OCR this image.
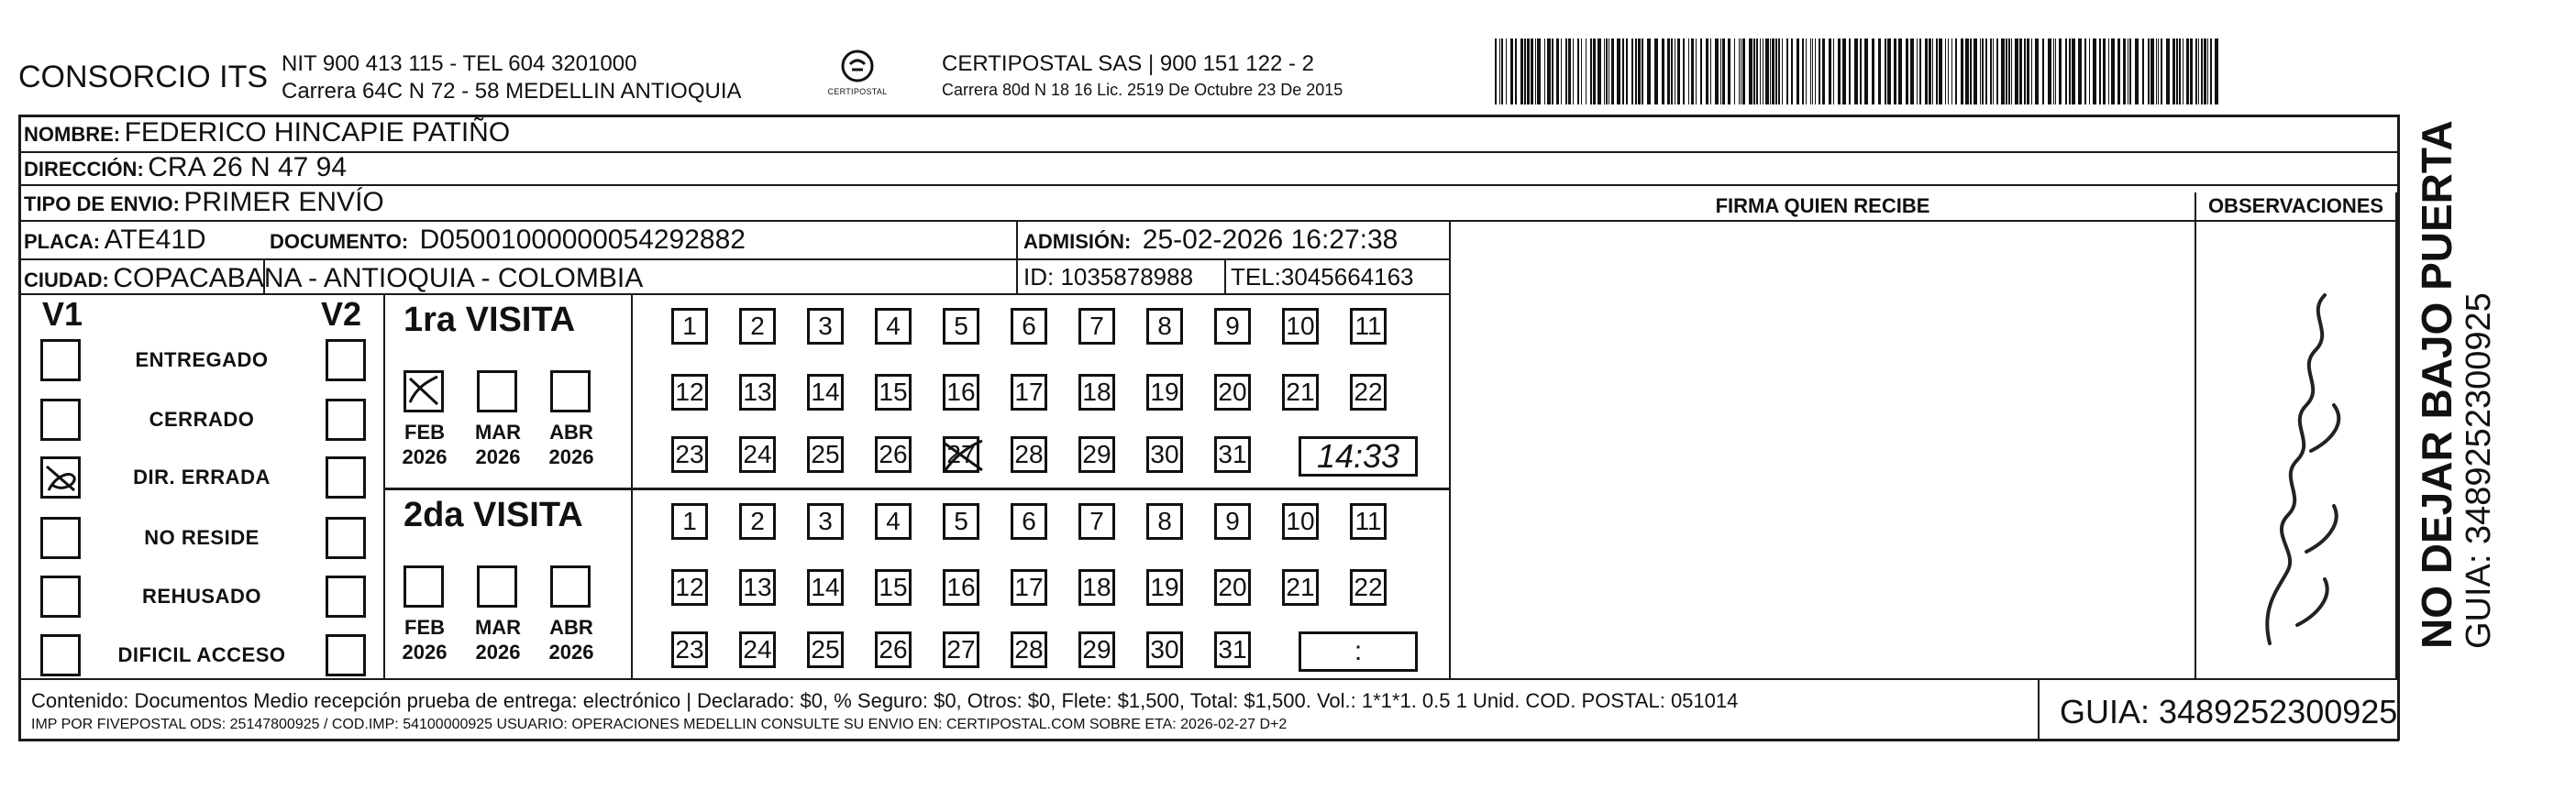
CONSORCIO ITS NIT 900 413 115 - TEL 604 3201000
Carrera 64C N 72 - 58 MEDELLIN ANTIOQUIA	CERTIPOSTAL
CERTIPOSTAL SAS | 900 151 122 - 2
Carrera 80d N 18 16 Lic. 2519 De Octubre 23 De 2015
NOMBRE: FEDERICO HINCAPIE PATIÑO
DIRECCIÓN: CRA 26 N 47 94
TIPO DE ENVIO: PRIMER ENVÍO	FIRMA QUIEN RECIBE	OBSERVACIONES
PLACA: ATE41D	DOCUMENTO: D05001000000054292882	ADMISIÓN: 25-02-2026 16:27:38
CIUDAD: COPACABANA - ANTIOQUIA - COLOMBIA	ID: 1035878988 TEL:3045664163
V1	V2
ENTREGADO
CERRADO
DIR. ERRADA
NO RESIDE
REHUSADO
DIFICIL ACCESO
1ra VISITA
FEB
2026
MAR
2026
ABR
2026
1 2 3 4 5 6 7 8 9 10 11
12 13 14 15 16 17 18 19 20 21 22
23 24 25 26 27 28 29 30 31 14:33
2da VISITA
FEB
2026
MAR
2026
ABR
2026
1 2 3 4 5 6 7 8 9 10 11
12 13 14 15 16 17 18 19 20 21 22
23 24 25 26 27 28 29 30 31	:
Contenido: Documentos Medio recepción prueba de entrega: electrónico | Declarado: $0, % Seguro: $0, Otros: $0, Flete: $1,500, Total: $1,500. Vol.: 1*1*1. 0.5 1 Unid. COD. POSTAL: 051014
IMP POR FIVEPOSTAL ODS: 25147800925 / COD.IMP: 54100000925 USUARIO: OPERACIONES MEDELLIN CONSULTE SU ENVIO EN: CERTIPOSTAL.COM SOBRE ETA: 2026-02-27 D+2	GUIA: 3489252300925
NO DEJAR BAJO PUERTA GUIA: 3489252300925
